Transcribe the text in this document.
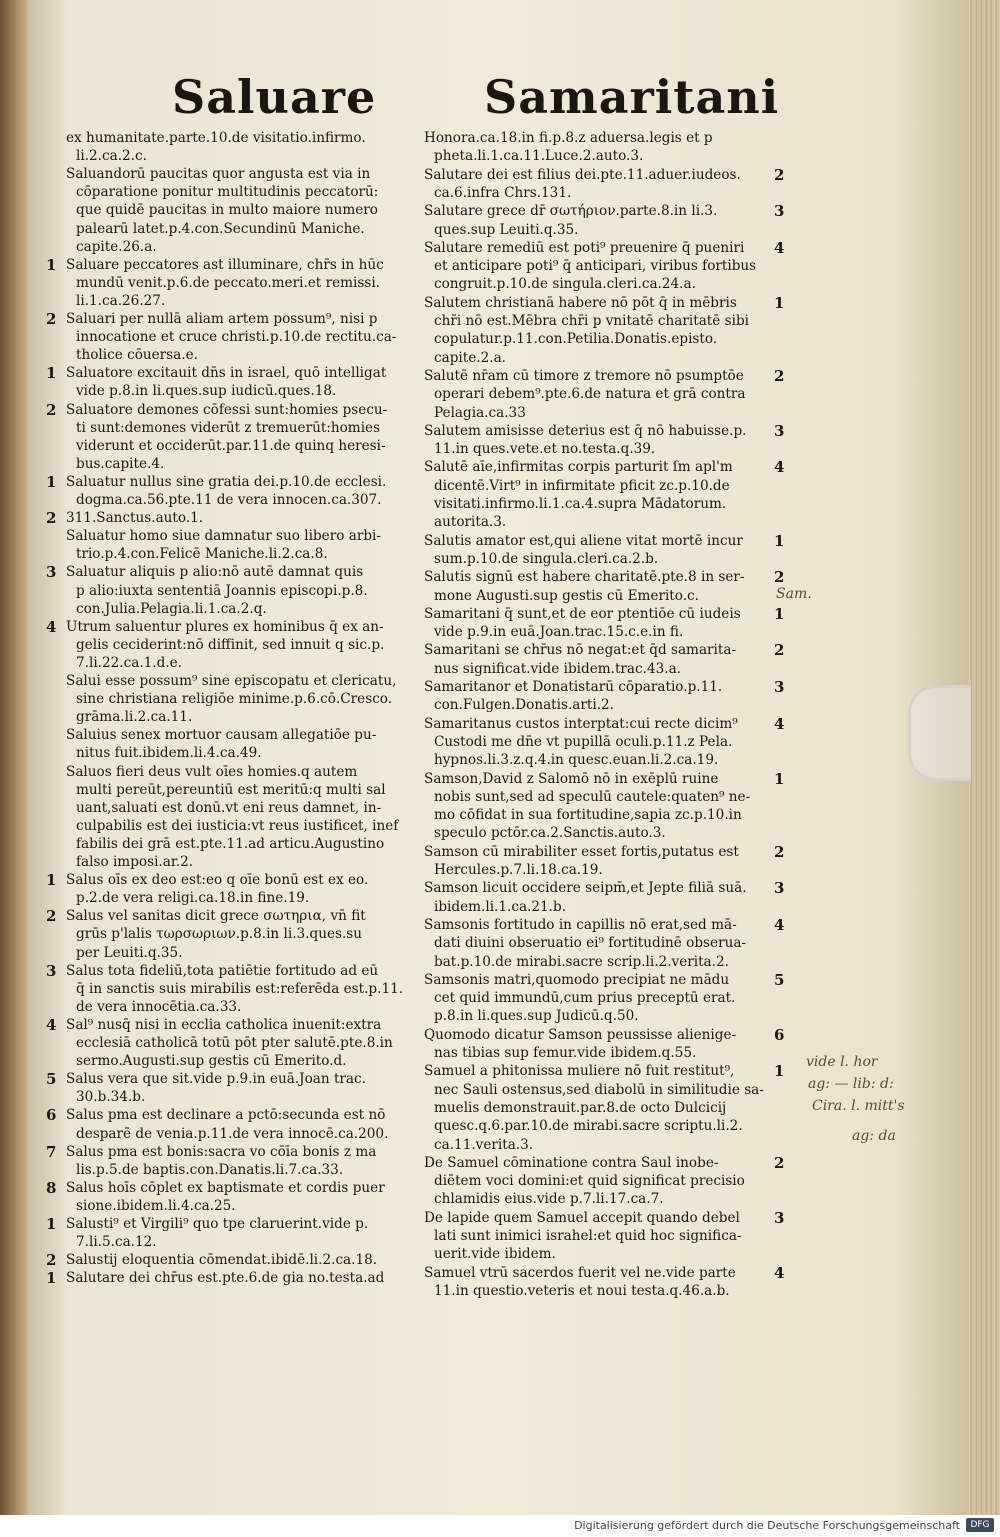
Saluare Samaritani
ex humanitate.parte.10.de visitatio.infirmo.
li.2.ca.2.c.
Saluandorū paucitas quor angusta est via in
cōparatione ponitur multitudinis peccatorū:
que quidē paucitas in multo maiore numero
palearū latet.p.4.con.Secundinū Maniche.
capite.26.a.
1 Saluare peccatores ast illuminare, chr̄s in hūc
mundū venit.p.6.de peccato.meri.et remissi.
li.1.ca.26.27.
2 Saluari per nullā aliam artem possum⁹, nisi p
innocatione et cruce christi.p.10.de rectitu.ca-
tholice cōuersa.e.
1 Saluatore excitauit dn̄s in israel, quō intelligat
vide p.8.in li.ques.sup iudicū.ques.18.
2 Saluatore demones cōfessi sunt:homies psecu-
ti sunt:demones viderūt z tremuerūt:homies
viderunt et occiderūt.par.11.de quinq heresi-
bus.capite.4.
1 Saluatur nullus sine gratia dei.p.10.de ecclesi.
dogma.ca.56.pte.11 de vera innocen.ca.307.
2 311.Sanctus.auto.1.
Saluatur homo siue damnatur suo libero arbi-
trio.p.4.con.Felicē Maniche.li.2.ca.8.
3 Saluatur aliquis p alio:nō autē damnat quis
p alio:iuxta sententiā Joannis episcopi.p.8.
con.Julia.Pelagia.li.1.ca.2.q.
4 Utrum saluentur plures ex hominibus q̄ ex an-
gelis ceciderint:nō diffinit, sed innuit q sic.p.
7.li.22.ca.1.d.e.
Salui esse possum⁹ sine episcopatu et clericatu,
sine christiana religiōe minime.p.6.cō.Cresco.
grāma.li.2.ca.11.
Saluius senex mortuor causam allegatiōe pu-
nitus fuit.ibidem.li.4.ca.49.
Saluos fieri deus vult oīes homies.q autem
multi pereūt,pereuntiū est meritū:q multi sal
uant,saluati est donū.vt eni reus damnet, in-
culpabilis est dei iusticia:vt reus iustificet, inef
fabilis dei grā est.pte.11.ad articu.Augustino
falso imposi.ar.2.
1 Salus oīs ex deo est:eo q oīe bonū est ex eo.
p.2.de vera religi.ca.18.in fine.19.
2 Salus vel sanitas dicit grece σωτηρια, vn̄ fit
grūs p'lalis τωρσωριων.p.8.in li.3.ques.su
per Leuiti.q.35.
3 Salus tota fideliū,tota patiētie fortitudo ad eū
q̄ in sanctis suis mirabilis est:referēda est.p.11.
de vera innocētia.ca.33.
4 Sal⁹ nusq̄ nisi in ecclia catholica inuenit:extra
ecclesiā catholicā totū pōt pter salutē.pte.8.in
sermo.Augusti.sup gestis cū Emerito.d.
5 Salus vera que sit.vide p.9.in euā.Joan trac.
30.b.34.b.
6 Salus pma est declinare a pctō:secunda est nō
desparē de venia.p.11.de vera innocē.ca.200.
7 Salus pma est bonis:sacra vo cōīa bonis z ma
lis.p.5.de baptis.con.Danatis.li.7.ca.33.
8 Salus hoīs cōplet ex baptismate et cordis puer
sione.ibidem.li.4.ca.25.
1 Salusti⁹ et Virgili⁹ quo tpe claruerint.vide p.
7.li.5.ca.12.
2 Salustij eloquentia cōmendat.ibidē.li.2.ca.18.
1 Salutare dei chr̄us est.pte.6.de gia no.testa.ad
Honora.ca.18.in fi.p.8.z aduersa.legis et p
pheta.li.1.ca.11.Luce.2.auto.3.
2
Salutare dei est filius dei.pte.11.aduer.iudeos.
ca.6.infra Chrs.131.
3
Salutare grece dr̄ σωτήριον.parte.8.in li.3.
ques.sup Leuiti.q.35.
4
Salutare remediū est poti⁹ preuenire q̄ pueniri
et anticipare poti⁹ q̄ anticipari, viribus fortibus
congruit.p.10.de singula.cleri.ca.24.a.
1
Salutem christianā habere nō pōt q̄ in mēbris
chr̄i nō est.Mēbra chr̄i p vnitatē charitatē sibi
copulatur.p.11.con.Petilia.Donatis.episto.
capite.2.a.
2
Salutē nr̄am cū timore z tremore nō psumptōe
operari debem⁹.pte.6.de natura et grā contra
Pelagia.ca.33
3
Salutem amisisse deterius est q̄ nō habuisse.p.
11.in ques.vete.et no.testa.q.39.
4
Salutē aīe,infirmitas corpis parturit ſm apl'm
dicentē.Virt⁹ in infirmitate pficit zc.p.10.de
visitati.infirmo.li.1.ca.4.supra Mādatorum.
autorita.3.
1
Salutis amator est,qui aliene vitat mortē incur
sum.p.10.de singula.cleri.ca.2.b.
2
Salutis signū est habere charitatē.pte.8 in ser-
mone Augusti.sup gestis cū Emerito.c.
1
Samaritani q̄ sunt,et de eor ptentiōe cū iudeis
vide p.9.in euā.Joan.trac.15.c.e.in fi.
2
Samaritani se chr̄us nō negat:et q̄d samarita-
nus significat.vide ibidem.trac.43.a.
3
Samaritanor et Donatistarū cōparatio.p.11.
con.Fulgen.Donatis.arti.2.
4
Samaritanus custos interptat:cui recte dicim⁹
Custodi me dn̄e vt pupillā oculi.p.11.z Pela.
hypnos.li.3.z.q.4.in quesc.euan.li.2.ca.19.
1
Samson,David z Salomō nō in exēplū ruine
nobis sunt,sed ad speculū cautele:quaten⁹ ne-
mo cōfidat in sua fortitudine,sapia zc.p.10.in
speculo pctōr.ca.2.Sanctis.auto.3.
2
Samson cū mirabiliter esset fortis,putatus est
Hercules.p.7.li.18.ca.19.
3
Samson licuit occidere seipm̄,et Jepte filiā suā.
ibidem.li.1.ca.21.b.
4
Samsonis fortitudo in capillis nō erat,sed mā-
dati diuini obseruatio ei⁹ fortitudinē obserua-
bat.p.10.de mirabi.sacre scrip.li.2.verita.2.
5
Samsonis matri,quomodo precipiat ne mādu
cet quid immundū,cum prius preceptū erat.
p.8.in li.ques.sup Judicū.q.50.
6
Quomodo dicatur Samson peussisse alienige-
nas tibias sup femur.vide ibidem.q.55.
1
Samuel a phitonissa muliere nō fuit restitut⁹,
nec Sauli ostensus,sed diabolū in similitudie sa-
muelis demonstrauit.par.8.de octo Dulcicij
quesc.q.6.par.10.de mirabi.sacre scriptu.li.2.
ca.11.verita.3.
2
De Samuel cōminatione contra Saul inobe-
diētem voci domini:et quid significat precisio
chlamidis eius.vide p.7.li.17.ca.7.
3
De lapide quem Samuel accepit quando debel
lati sunt inimici israhel:et quid hoc significa-
uerit.vide ibidem.
4
Samuel vtrū sacerdos fuerit vel ne.vide parte
11.in questio.veteris et noui testa.q.46.a.b.
Sam.
vide l. hor
ag: — lib: d:
Cira. l. mitt's
ag: da
Digitalisierung gefördert durch die Deutsche Forschungsgemeinschaft	DFG
